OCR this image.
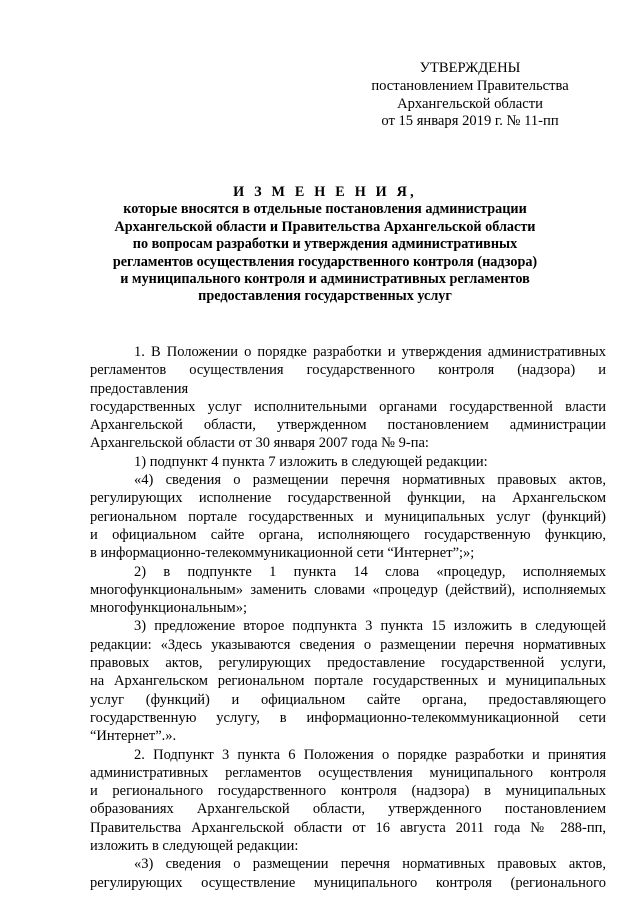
УТВЕРЖДЕНЫ
постановлением Правительства
Архангельской области
от 15 января 2019 г. № 11-пп
И З М Е Н Е Н И Я,
которые вносятся в отдельные постановления администрации
Архангельской области и Правительства Архангельской области
по вопросам разработки и утверждения административных
регламентов осуществления государственного контроля (надзора)
и муниципального контроля и административных регламентов
предоставления государственных услуг

1. В Положении о порядке разработки и утверждения административных

регламентов осуществления государственного контроля (надзора) и предоставления

государственных услуг исполнительными органами государственной власти

Архангельской области, утвержденном постановлением администрации

Архангельской области от 30 января 2007 года № 9-па:

1) подпункт 4 пункта 7 изложить в следующей редакции:

«4) сведения о размещении перечня нормативных правовых актов,

регулирующих исполнение государственной функции, на Архангельском

региональном портале государственных и муниципальных услуг (функций)

и официальном сайте органа, исполняющего государственную функцию,

в информационно-телекоммуникационной сети “Интернет”;»;

2) в подпункте 1 пункта 14 слова «процедур, исполняемых

многофункциональным» заменить словами «процедур (действий), исполняемых

многофункциональным»;

3) предложение второе подпункта 3 пункта 15 изложить в следующей

редакции: «Здесь указываются сведения о размещении перечня нормативных

правовых актов, регулирующих предоставление государственной услуги,

на Архангельском региональном портале государственных и муниципальных

услуг (функций) и официальном сайте органа, предоставляющего

государственную услугу, в информационно-телекоммуникационной сети

“Интернет”.».

2. Подпункт 3 пункта 6 Положения о порядке разработки и принятия

административных регламентов осуществления муниципального контроля

и регионального государственного контроля (надзора) в муниципальных

образованиях Архангельской области, утвержденного постановлением

Правительства Архангельской области от 16 августа 2011 года № 288-пп,

изложить в следующей редакции:

«3) сведения о размещении перечня нормативных правовых актов,

регулирующих осуществление муниципального контроля (регионального
